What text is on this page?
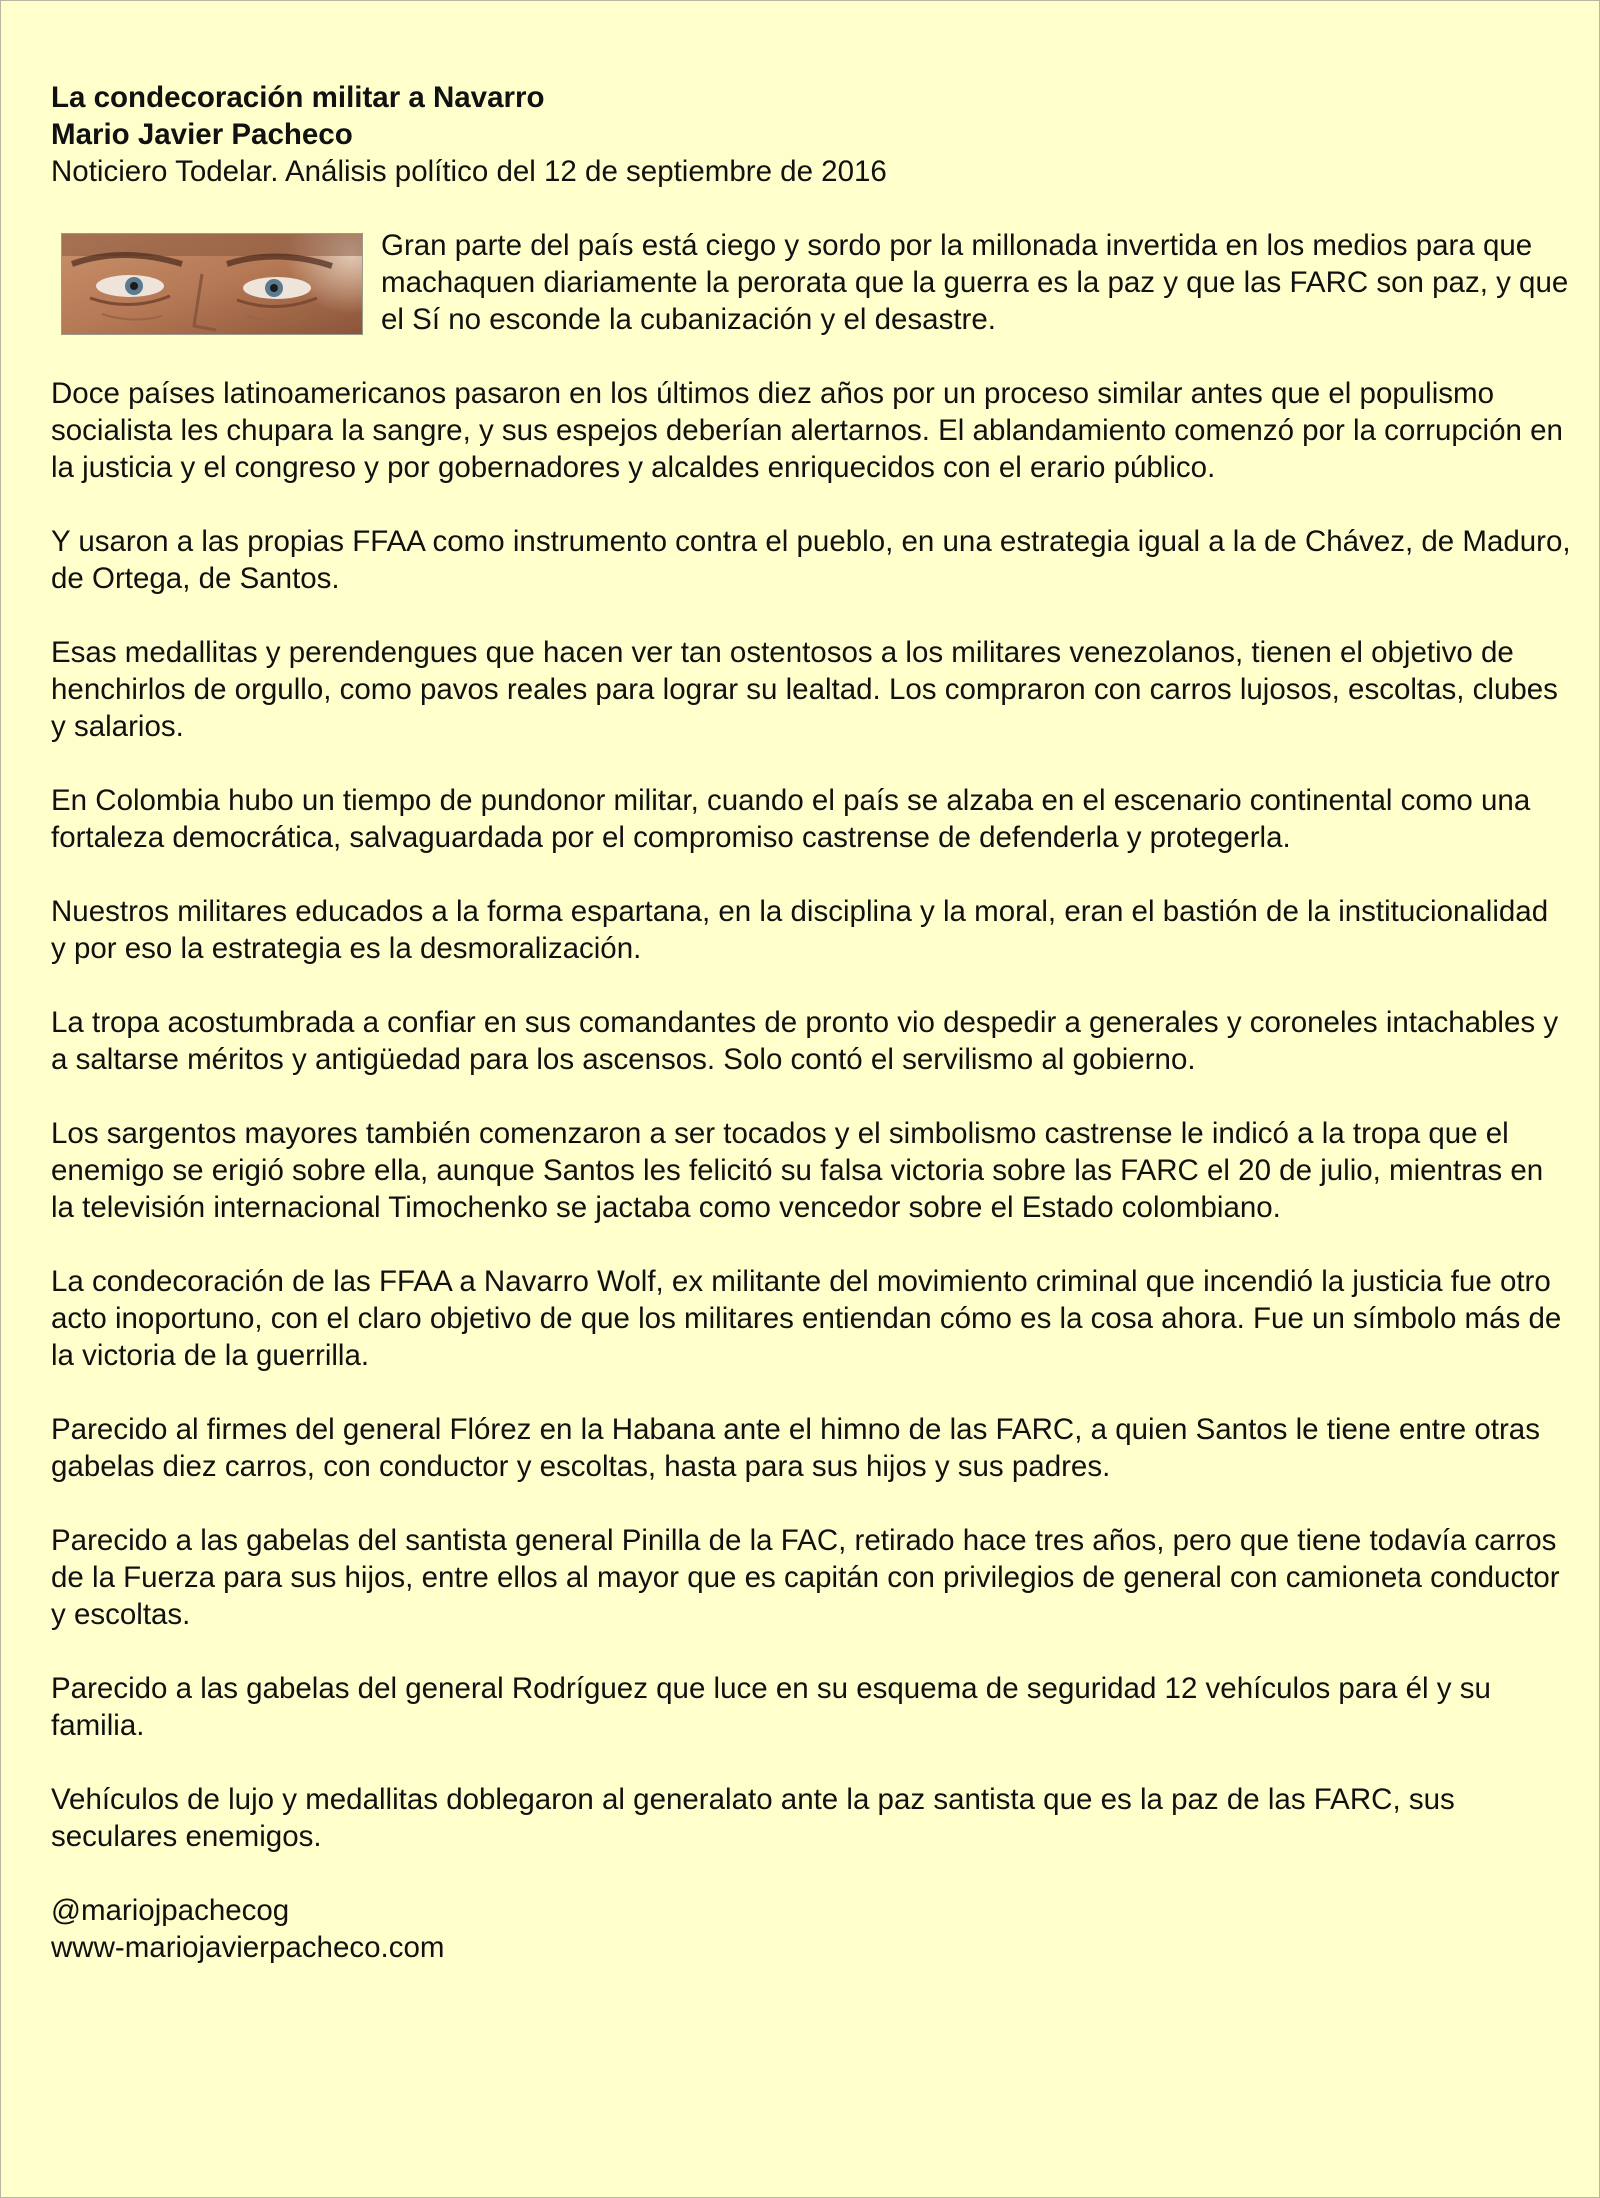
La condecoración militar a Navarro

Mario Javier Pacheco

Noticiero Todelar. Análisis político del 12 de septiembre de 2016

Gran parte del país está ciego y sordo por la millonada invertida en los medios para que machaquen diariamente la perorata que la guerra es la paz y que las FARC son paz, y que el Sí no esconde la cubanización y el desastre.

Doce países latinoamericanos pasaron en los últimos diez años por un proceso similar antes que el populismo socialista les chupara la sangre, y sus espejos deberían alertarnos. El ablandamiento comenzó por la corrupción en la justicia y el congreso y por gobernadores y alcaldes enriquecidos con el erario público.

Y usaron a las propias FFAA como instrumento contra el pueblo, en una estrategia igual a la de Chávez, de Maduro, de Ortega, de Santos.

Esas medallitas y perendengues que hacen ver tan ostentosos a los militares venezolanos, tienen el objetivo de henchirlos de orgullo, como pavos reales para lograr su lealtad. Los compraron con carros lujosos, escoltas, clubes y salarios.

En Colombia hubo un tiempo de pundonor militar, cuando el país se alzaba en el escenario continental como una fortaleza democrática, salvaguardada por el compromiso castrense de defenderla y protegerla.

Nuestros militares educados a la forma espartana, en la disciplina y la moral, eran el bastión de la institucionalidad y por eso la estrategia es la desmoralización.

La tropa acostumbrada a confiar en sus comandantes de pronto vio despedir a generales y coroneles intachables y a saltarse méritos y antigüedad para los ascensos. Solo contó el servilismo al gobierno.

Los sargentos mayores también comenzaron a ser tocados y el simbolismo castrense le indicó a la tropa que el enemigo se erigió sobre ella, aunque Santos les felicitó su falsa victoria sobre las FARC el 20 de julio, mientras en la televisión internacional Timochenko se jactaba como vencedor sobre el Estado colombiano.

La condecoración de las FFAA a Navarro Wolf, ex militante del movimiento criminal que incendió la justicia fue otro acto inoportuno, con el claro objetivo de que los militares entiendan cómo es la cosa ahora. Fue un símbolo más de la victoria de la guerrilla.

Parecido al firmes del general Flórez en la Habana ante el himno de las FARC, a quien Santos le tiene entre otras gabelas diez carros, con conductor y escoltas, hasta para sus hijos y sus padres.

Parecido a las gabelas del santista general Pinilla de la FAC, retirado hace tres años, pero que tiene todavía carros de la Fuerza para sus hijos, entre ellos al mayor que es capitán con privilegios de general con camioneta conductor y escoltas.

Parecido a las gabelas del general Rodríguez que luce en su esquema de seguridad 12 vehículos para él y su familia.

Vehículos de lujo y medallitas doblegaron al generalato ante la paz santista que es la paz de las FARC, sus seculares enemigos.

@mariojpachecog

www-mariojavierpacheco.com
